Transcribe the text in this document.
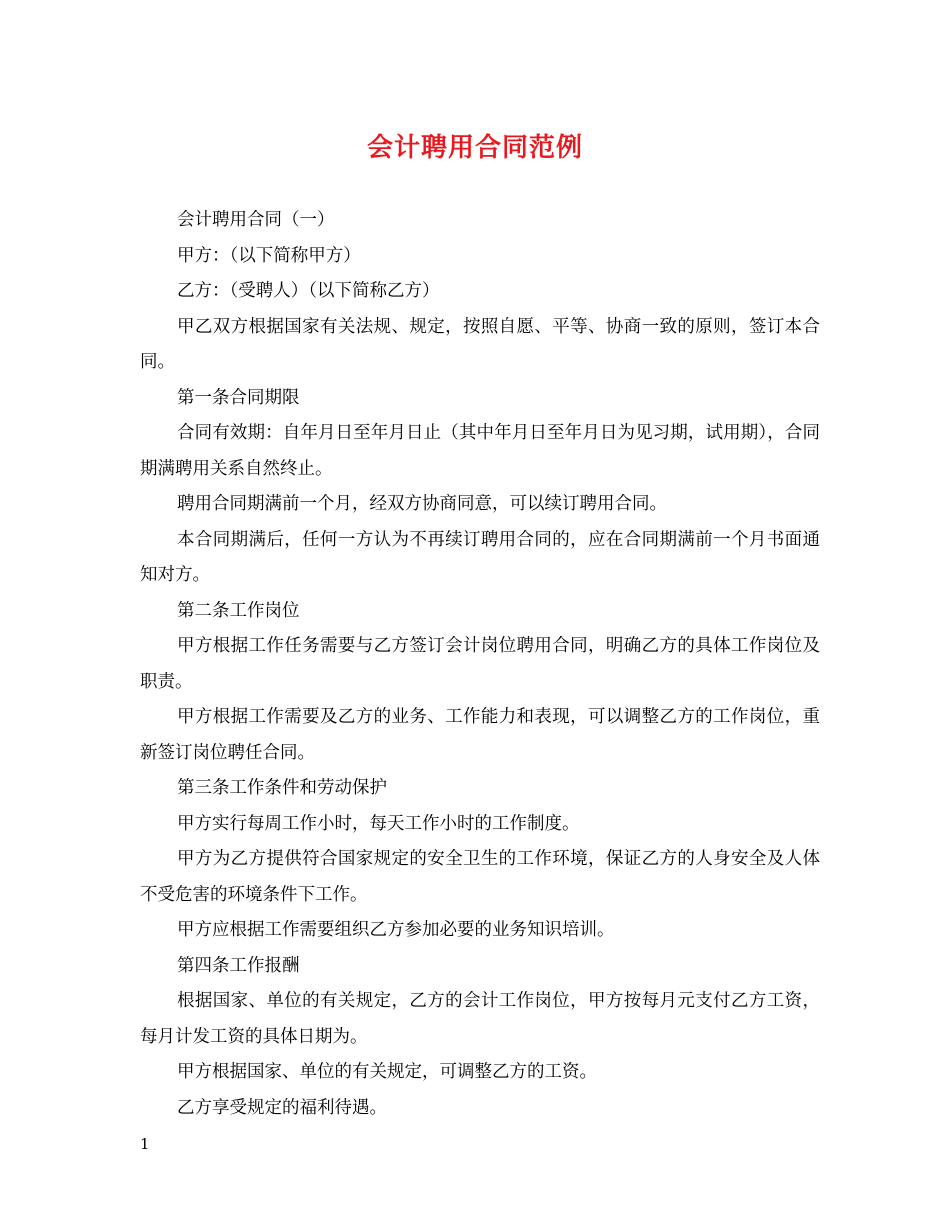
会计聘用合同范例

会计聘用合同（一）

甲方：（以下简称甲方）

乙方：（受聘人）（以下简称乙方）

甲乙双方根据国家有关法规、规定，按照自愿、平等、协商一致的原则，签订本合同。

第一条合同期限

合同有效期：自年月日至年月日止（其中年月日至年月日为见习期，试用期），合同期满聘用关系自然终止。

聘用合同期满前一个月，经双方协商同意，可以续订聘用合同。

本合同期满后，任何一方认为不再续订聘用合同的，应在合同期满前一个月书面通知对方。

第二条工作岗位

甲方根据工作任务需要与乙方签订会计岗位聘用合同，明确乙方的具体工作岗位及职责。

甲方根据工作需要及乙方的业务、工作能力和表现，可以调整乙方的工作岗位，重新签订岗位聘任合同。

第三条工作条件和劳动保护

甲方实行每周工作小时，每天工作小时的工作制度。

甲方为乙方提供符合国家规定的安全卫生的工作环境，保证乙方的人身安全及人体不受危害的环境条件下工作。

甲方应根据工作需要组织乙方参加必要的业务知识培训。

第四条工作报酬

根据国家、单位的有关规定，乙方的会计工作岗位，甲方按每月元支付乙方工资，每月计发工资的具体日期为。

甲方根据国家、单位的有关规定，可调整乙方的工资。

乙方享受规定的福利待遇。

1
